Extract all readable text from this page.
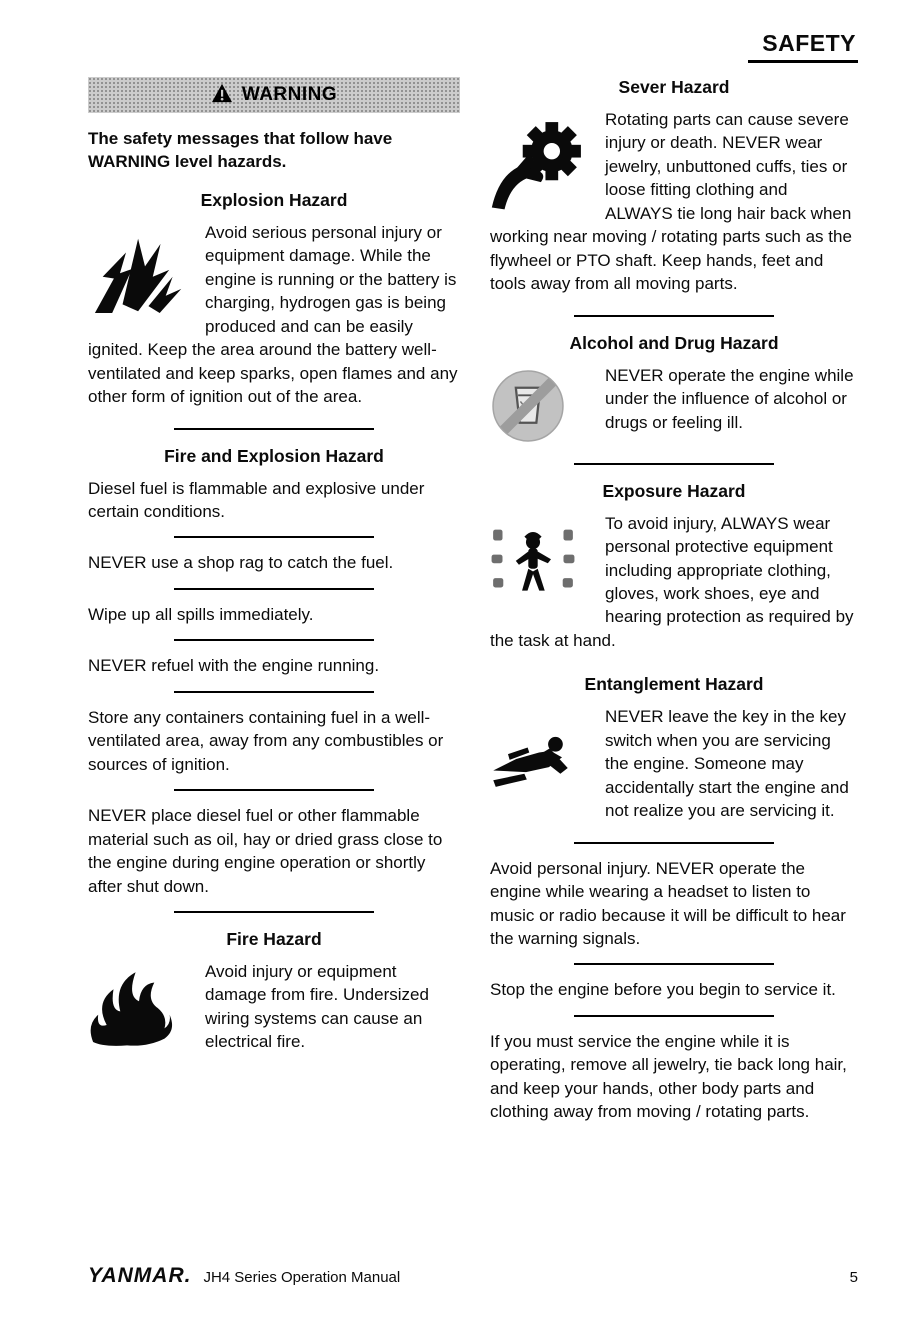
SAFETY
WARNING

The safety messages that follow have WARNING level hazards.

Explosion Hazard

Avoid serious personal injury or equipment damage. While the engine is running or the battery is charging, hydrogen gas is being produced and can be easily ignited. Keep the area around the battery well-ventilated and keep sparks, open flames and any other form of ignition out of the area.

Fire and Explosion Hazard

Diesel fuel is flammable and explosive under certain conditions.

NEVER use a shop rag to catch the fuel.

Wipe up all spills immediately.

NEVER refuel with the engine running.

Store any containers containing fuel in a well-ventilated area, away from any combustibles or sources of ignition.

NEVER place diesel fuel or other flammable material such as oil, hay or dried grass close to the engine during engine operation or shortly after shut down.

Fire Hazard

Avoid injury or equipment damage from fire. Undersized wiring systems can cause an electrical fire.

Sever Hazard

Rotating parts can cause severe injury or death. NEVER wear jewelry, unbuttoned cuffs, ties or loose fitting clothing and ALWAYS tie long hair back when working near moving / rotating parts such as the flywheel or PTO shaft. Keep hands, feet and tools away from all moving parts.

Alcohol and Drug Hazard

NEVER operate the engine while under the influence of alcohol or drugs or feeling ill.

Exposure Hazard

To avoid injury, ALWAYS wear personal protective equipment including appropriate clothing, gloves, work shoes, eye and hearing protection as required by the task at hand.

Entanglement Hazard

NEVER leave the key in the key switch when you are servicing the engine. Someone may accidentally start the engine and not realize you are servicing it.

Avoid personal injury. NEVER operate the engine while wearing a headset to listen to music or radio because it will be difficult to hear the warning signals.

Stop the engine before you begin to service it.

If you must service the engine while it is operating, remove all jewelry, tie back long hair, and keep your hands, other body parts and clothing away from moving / rotating parts.

YANMAR. JH4 Series Operation Manual	5
